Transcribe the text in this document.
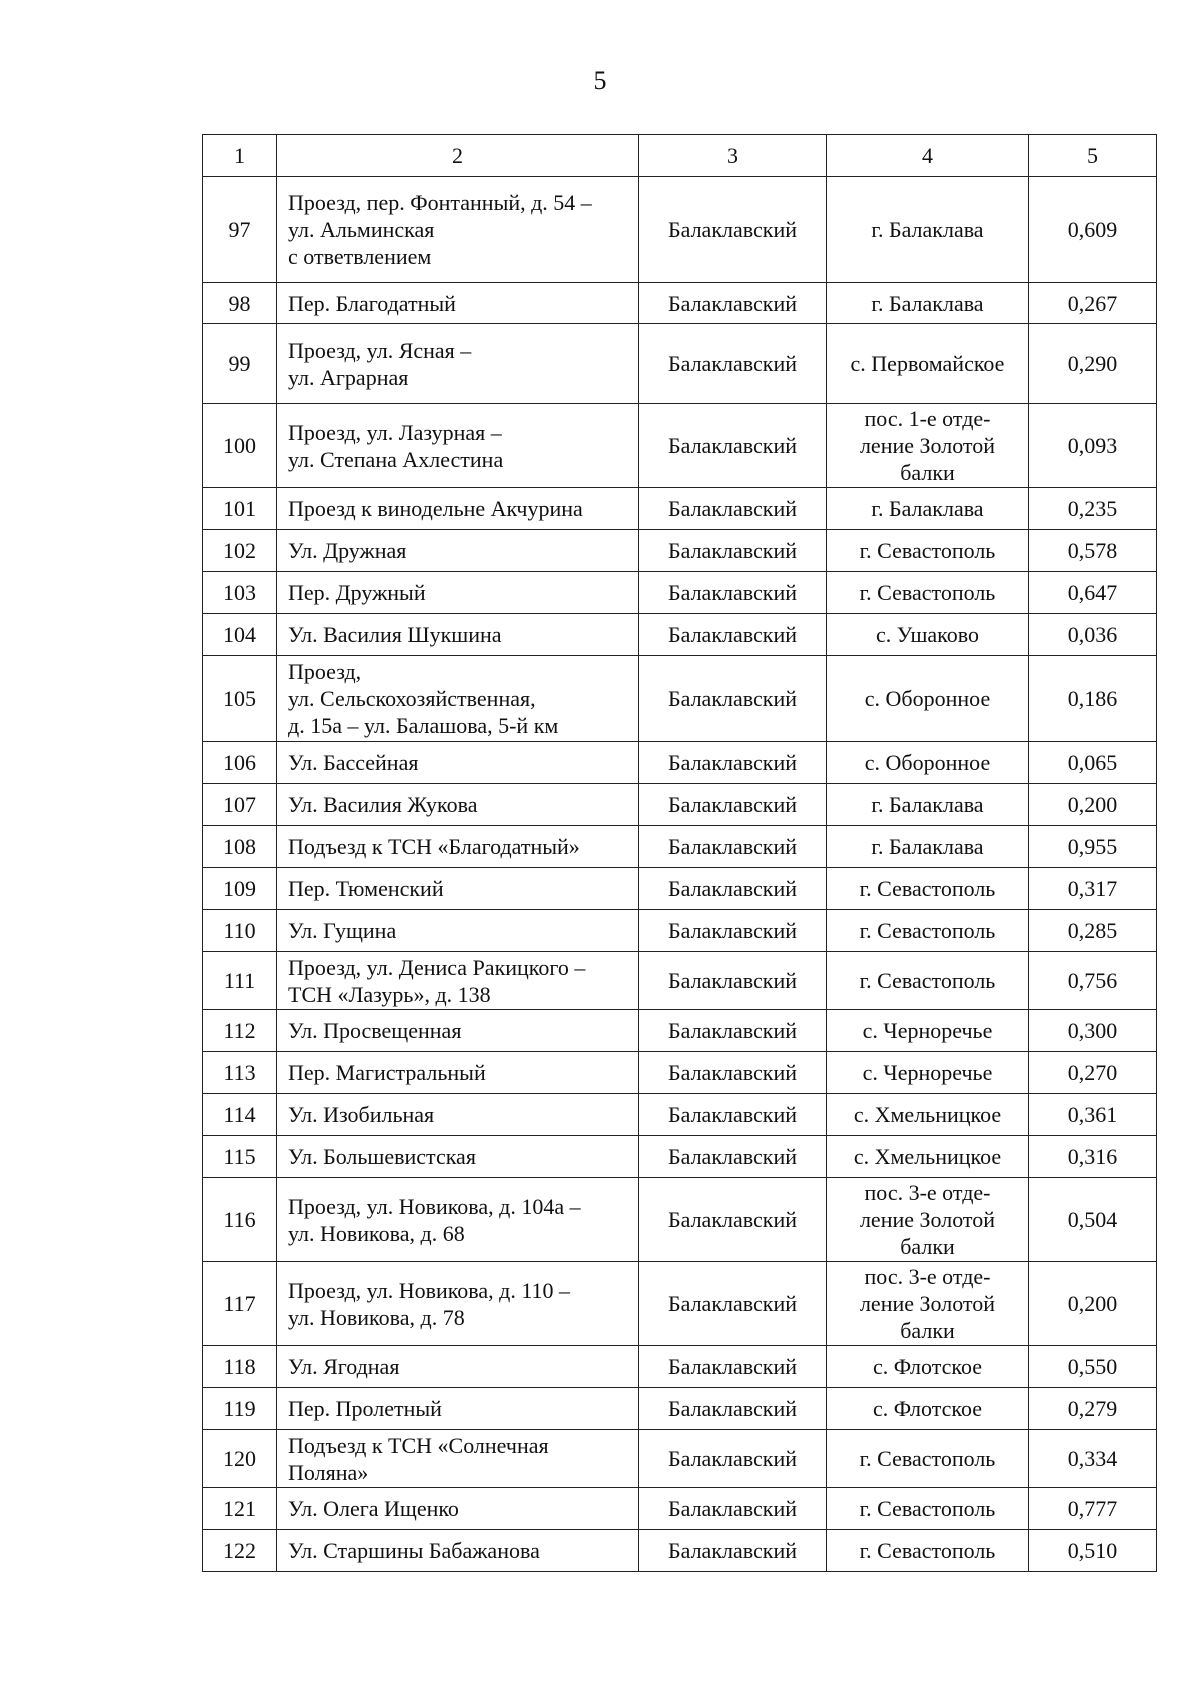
5
1	2	3	4	5
97	Проезд, пер. Фонтанный, д. 54 –
ул. Альминская
с ответвлением	Балаклавский	г. Балаклава	0,609
98	Пер. Благодатный	Балаклавский	г. Балаклава	0,267
99	Проезд, ул. Ясная –
ул. Аграрная	Балаклавский	с. Первомайское	0,290
100	Проезд, ул. Лазурная –
ул. Степана Ахлестина	Балаклавский	пос. 1-е отде-
ление Золотой
балки	0,093
101	Проезд к винодельне Акчурина	Балаклавский	г. Балаклава	0,235
102	Ул. Дружная	Балаклавский	г. Севастополь	0,578
103	Пер. Дружный	Балаклавский	г. Севастополь	0,647
104	Ул. Василия Шукшина	Балаклавский	с. Ушаково	0,036
105	Проезд,
ул. Сельскохозяйственная,
д. 15а – ул. Балашова, 5-й км	Балаклавский	с. Оборонное	0,186
106	Ул. Бассейная	Балаклавский	с. Оборонное	0,065
107	Ул. Василия Жукова	Балаклавский	г. Балаклава	0,200
108	Подъезд к ТСН «Благодатный»	Балаклавский	г. Балаклава	0,955
109	Пер. Тюменский	Балаклавский	г. Севастополь	0,317
110	Ул. Гущина	Балаклавский	г. Севастополь	0,285
111	Проезд, ул. Дениса Ракицкого –
ТСН «Лазурь», д. 138	Балаклавский	г. Севастополь	0,756
112	Ул. Просвещенная	Балаклавский	с. Черноречье	0,300
113	Пер. Магистральный	Балаклавский	с. Черноречье	0,270
114	Ул. Изобильная	Балаклавский	с. Хмельницкое	0,361
115	Ул. Большевистская	Балаклавский	с. Хмельницкое	0,316
116	Проезд, ул. Новикова, д. 104а –
ул. Новикова, д. 68	Балаклавский	пос. 3-е отде-
ление Золотой
балки	0,504
117	Проезд, ул. Новикова, д. 110 –
ул. Новикова, д. 78	Балаклавский	пос. 3-е отде-
ление Золотой
балки	0,200
118	Ул. Ягодная	Балаклавский	с. Флотское	0,550
119	Пер. Пролетный	Балаклавский	с. Флотское	0,279
120	Подъезд к ТСН «Солнечная
Поляна»	Балаклавский	г. Севастополь	0,334
121	Ул. Олега Ищенко	Балаклавский	г. Севастополь	0,777
122	Ул. Старшины Бабажанова	Балаклавский	г. Севастополь	0,510
